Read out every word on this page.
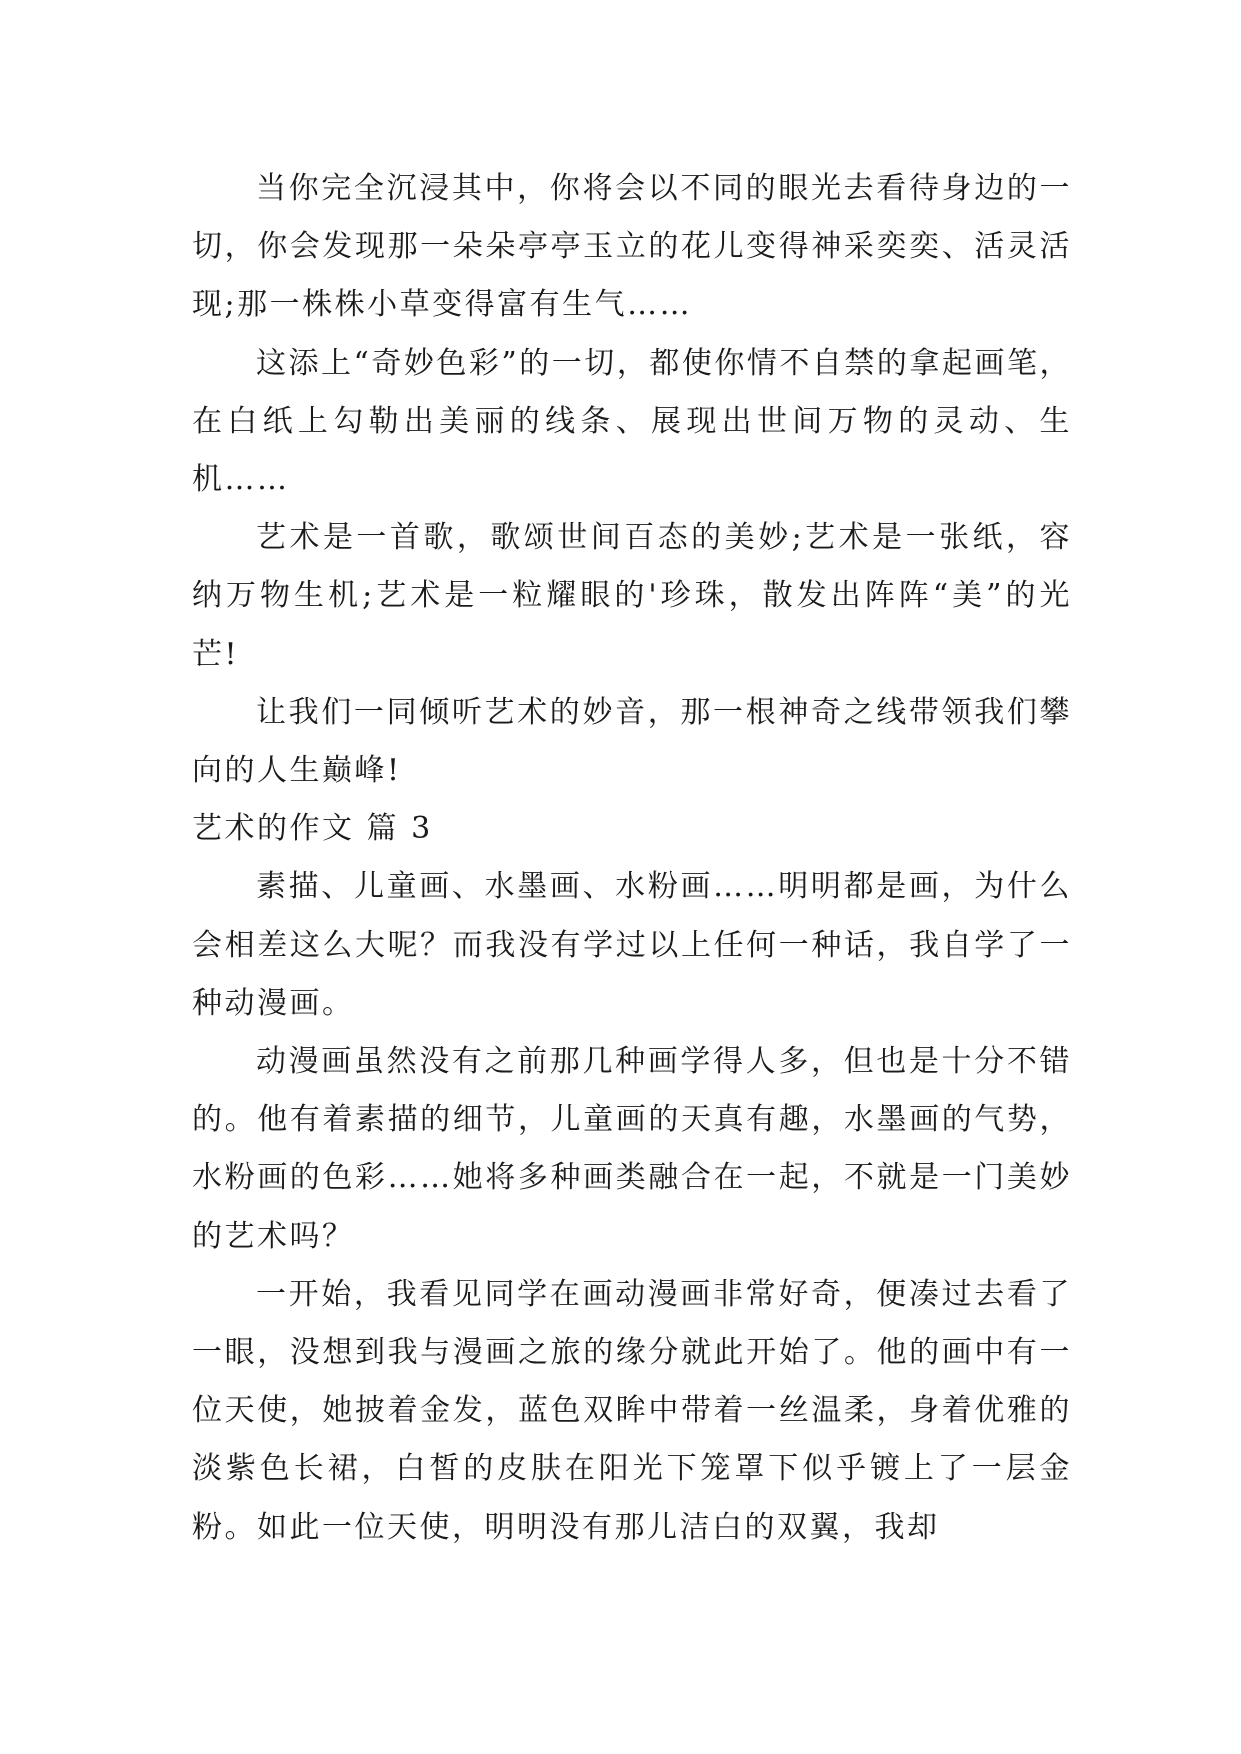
当你完全沉浸其中，你将会以不同的眼光去看待身边的一切，你会发现那一朵朵亭亭玉立的花儿变得神采奕奕、活灵活现;那一株株小草变得富有生气……

这添上“奇妙色彩”的一切，都使你情不自禁的拿起画笔，在白纸上勾勒出美丽的线条、展现出世间万物的灵动、生机……

艺术是一首歌，歌颂世间百态的美妙;艺术是一张纸，容纳万物生机;艺术是一粒耀眼的'珍珠，散发出阵阵“美”的光芒!

让我们一同倾听艺术的妙音，那一根神奇之线带领我们攀向的人生巅峰!

艺术的作文 篇 3

素描、儿童画、水墨画、水粉画……明明都是画，为什么会相差这么大呢？而我没有学过以上任何一种话，我自学了一种动漫画。

动漫画虽然没有之前那几种画学得人多，但也是十分不错的。他有着素描的细节，儿童画的天真有趣，水墨画的气势，水粉画的色彩……她将多种画类融合在一起，不就是一门美妙的艺术吗？

一开始，我看见同学在画动漫画非常好奇，便凑过去看了一眼，没想到我与漫画之旅的缘分就此开始了。他的画中有一位天使，她披着金发，蓝色双眸中带着一丝温柔，身着优雅的淡紫色长裙，白皙的皮肤在阳光下笼罩下似乎镀上了一层金粉。如此一位天使，明明没有那儿洁白的双翼，我却
